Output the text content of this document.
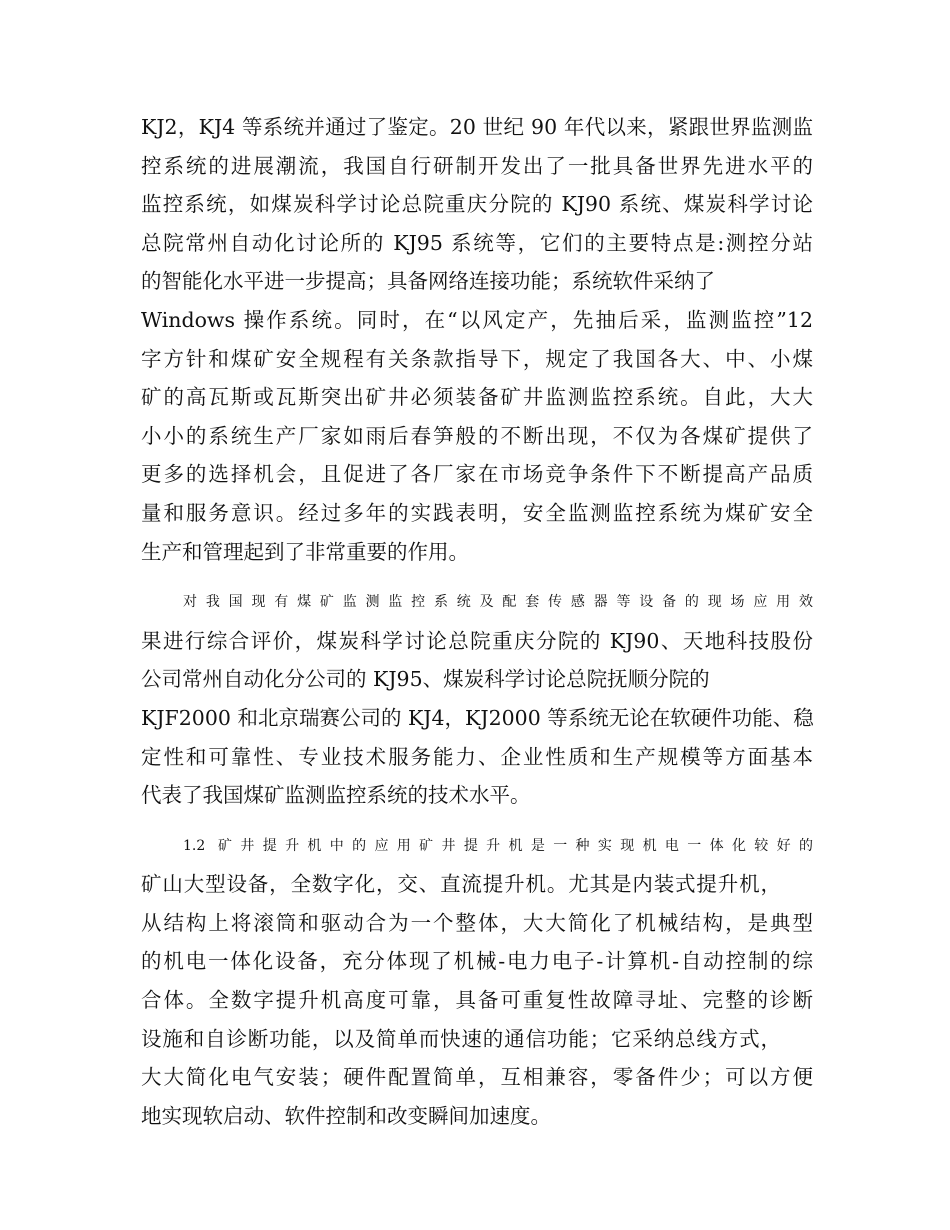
KJ2，KJ4 等系统并通过了鉴定。20 世纪 90 年代以来，紧跟世界监测监
控系统的进展潮流，我国自行研制开发出了一批具备世界先进水平的
监控系统，如煤炭科学讨论总院重庆分院的 KJ90 系统、煤炭科学讨论
总院常州自动化讨论所的 KJ95 系统等，它们的主要特点是:测控分站
的智能化水平进一步提高；具备网络连接功能；系统软件采纳了
Windows 操作系统。同时，在“以风定产，先抽后采，监测监控”12
字方针和煤矿安全规程有关条款指导下，规定了我国各大、中、小煤
矿的高瓦斯或瓦斯突出矿井必须装备矿井监测监控系统。自此，大大
小小的系统生产厂家如雨后春笋般的不断出现，不仅为各煤矿提供了
更多的选择机会，且促进了各厂家在市场竞争条件下不断提高产品质
量和服务意识。经过多年的实践表明，安全监测监控系统为煤矿安全
生产和管理起到了非常重要的作用。
对我国现有煤矿监测监控系统及配套传感器等设备的现场应用效
果进行综合评价，煤炭科学讨论总院重庆分院的 KJ90、天地科技股份
公司常州自动化分公司的 KJ95、煤炭科学讨论总院抚顺分院的
KJF2000 和北京瑞赛公司的 KJ4，KJ2000 等系统无论在软硬件功能、稳
定性和可靠性、专业技术服务能力、企业性质和生产规模等方面基本
代表了我国煤矿监测监控系统的技术水平。
1.2 矿井提升机中的应用矿井提升机是一种实现机电一体化较好的
矿山大型设备，全数字化，交、直流提升机。尤其是内装式提升机，
从结构上将滚筒和驱动合为一个整体，大大简化了机械结构，是典型
的机电一体化设备，充分体现了机械-电力电子-计算机-自动控制的综
合体。全数字提升机高度可靠，具备可重复性故障寻址、完整的诊断
设施和自诊断功能，以及简单而快速的通信功能；它采纳总线方式，
大大简化电气安装；硬件配置简单，互相兼容，零备件少；可以方便
地实现软启动、软件控制和改变瞬间加速度。
